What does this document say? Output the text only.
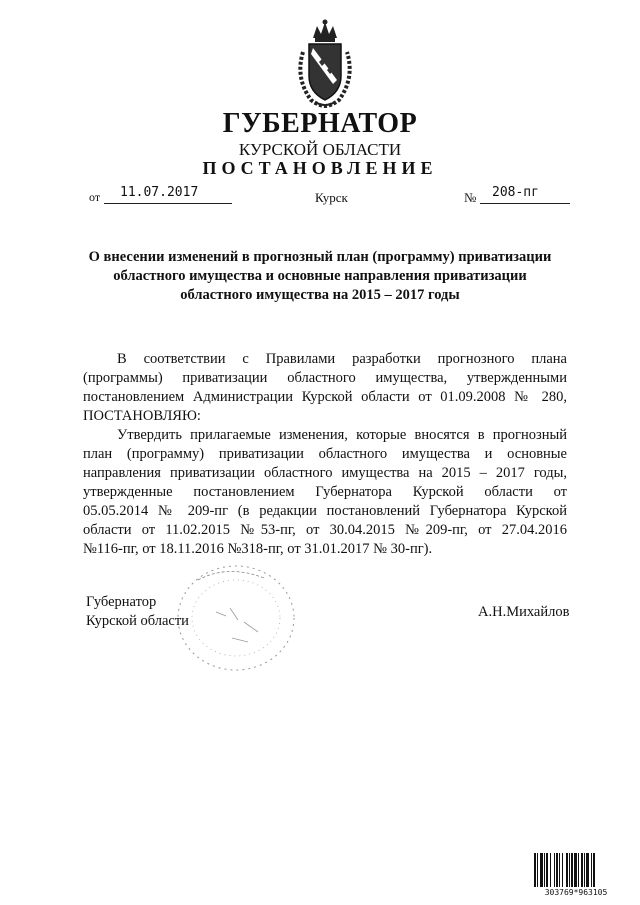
ГУБЕРНАТОР
КУРСКОЙ ОБЛАСТИ
ПОСТАНОВЛЕНИЕ
от 11.07.2017	Курск	№ 208-пг
О внесении изменений в прогнозный план (программу) приватизации
областного имущества и основные направления приватизации
областного имущества на 2015 – 2017 годы
В соответствии с Правилами разработки прогнозного плана
(программы) приватизации областного имущества, утвержденными
постановлением Администрации Курской области от 01.09.2008 № 280,
ПОСТАНОВЛЯЮ:
Утвердить прилагаемые изменения, которые вносятся в прогнозный
план (программу) приватизации областного имущества и основные
направления приватизации областного имущества на 2015 – 2017 годы,
утвержденные постановлением Губернатора Курской области от
05.05.2014 № 209-пг (в редакции постановлений Губернатора Курской
области от 11.02.2015 №53-пг, от 30.04.2015 №209-пг, от 27.04.2016
№116-пг, от 18.11.2016 №318-пг, от 31.01.2017 № 30-пг).
Губернатор
Курской области
А.Н.Михайлов
303769*963105
